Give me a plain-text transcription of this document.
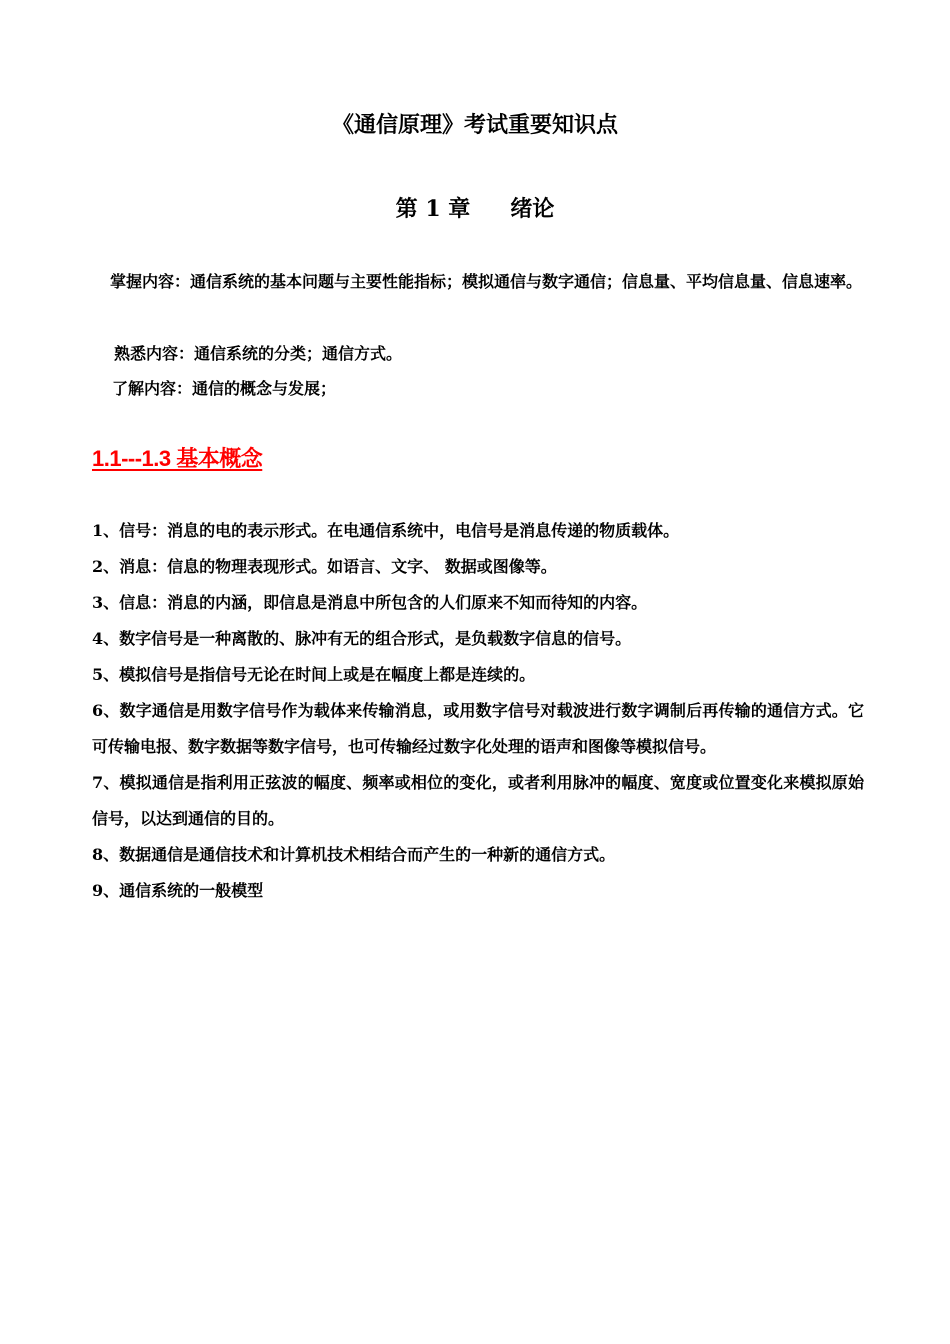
《通信原理》考试重要知识点
第 1 章 绪论

掌握内容：通信系统的基本问题与主要性能指标；模拟通信与数字通信；信息量、平均信息量、信息速率。

熟悉内容：通信系统的分类；通信方式。

了解内容：通信的概念与发展；

1.1---1.3 基本概念
1、信号：消息的电的表示形式。在电通信系统中，电信号是消息传递的物质载体。
2、消息：信息的物理表现形式。如语言、文字、 数据或图像等。
3、信息：消息的内涵，即信息是消息中所包含的人们原来不知而待知的内容。
4、数字信号是一种离散的、脉冲有无的组合形式，是负载数字信息的信号。
5、模拟信号是指信号无论在时间上或是在幅度上都是连续的。
6、数字通信是用数字信号作为载体来传输消息，或用数字信号对载波进行数字调制后再传输的通信方式。它可传输电报、数字数据等数字信号，也可传输经过数字化处理的语声和图像等模拟信号。
7、模拟通信是指利用正弦波的幅度、频率或相位的变化，或者利用脉冲的幅度、宽度或位置变化来模拟原始信号，以达到通信的目的。
8、数据通信是通信技术和计算机技术相结合而产生的一种新的通信方式。
9、通信系统的一般模型
